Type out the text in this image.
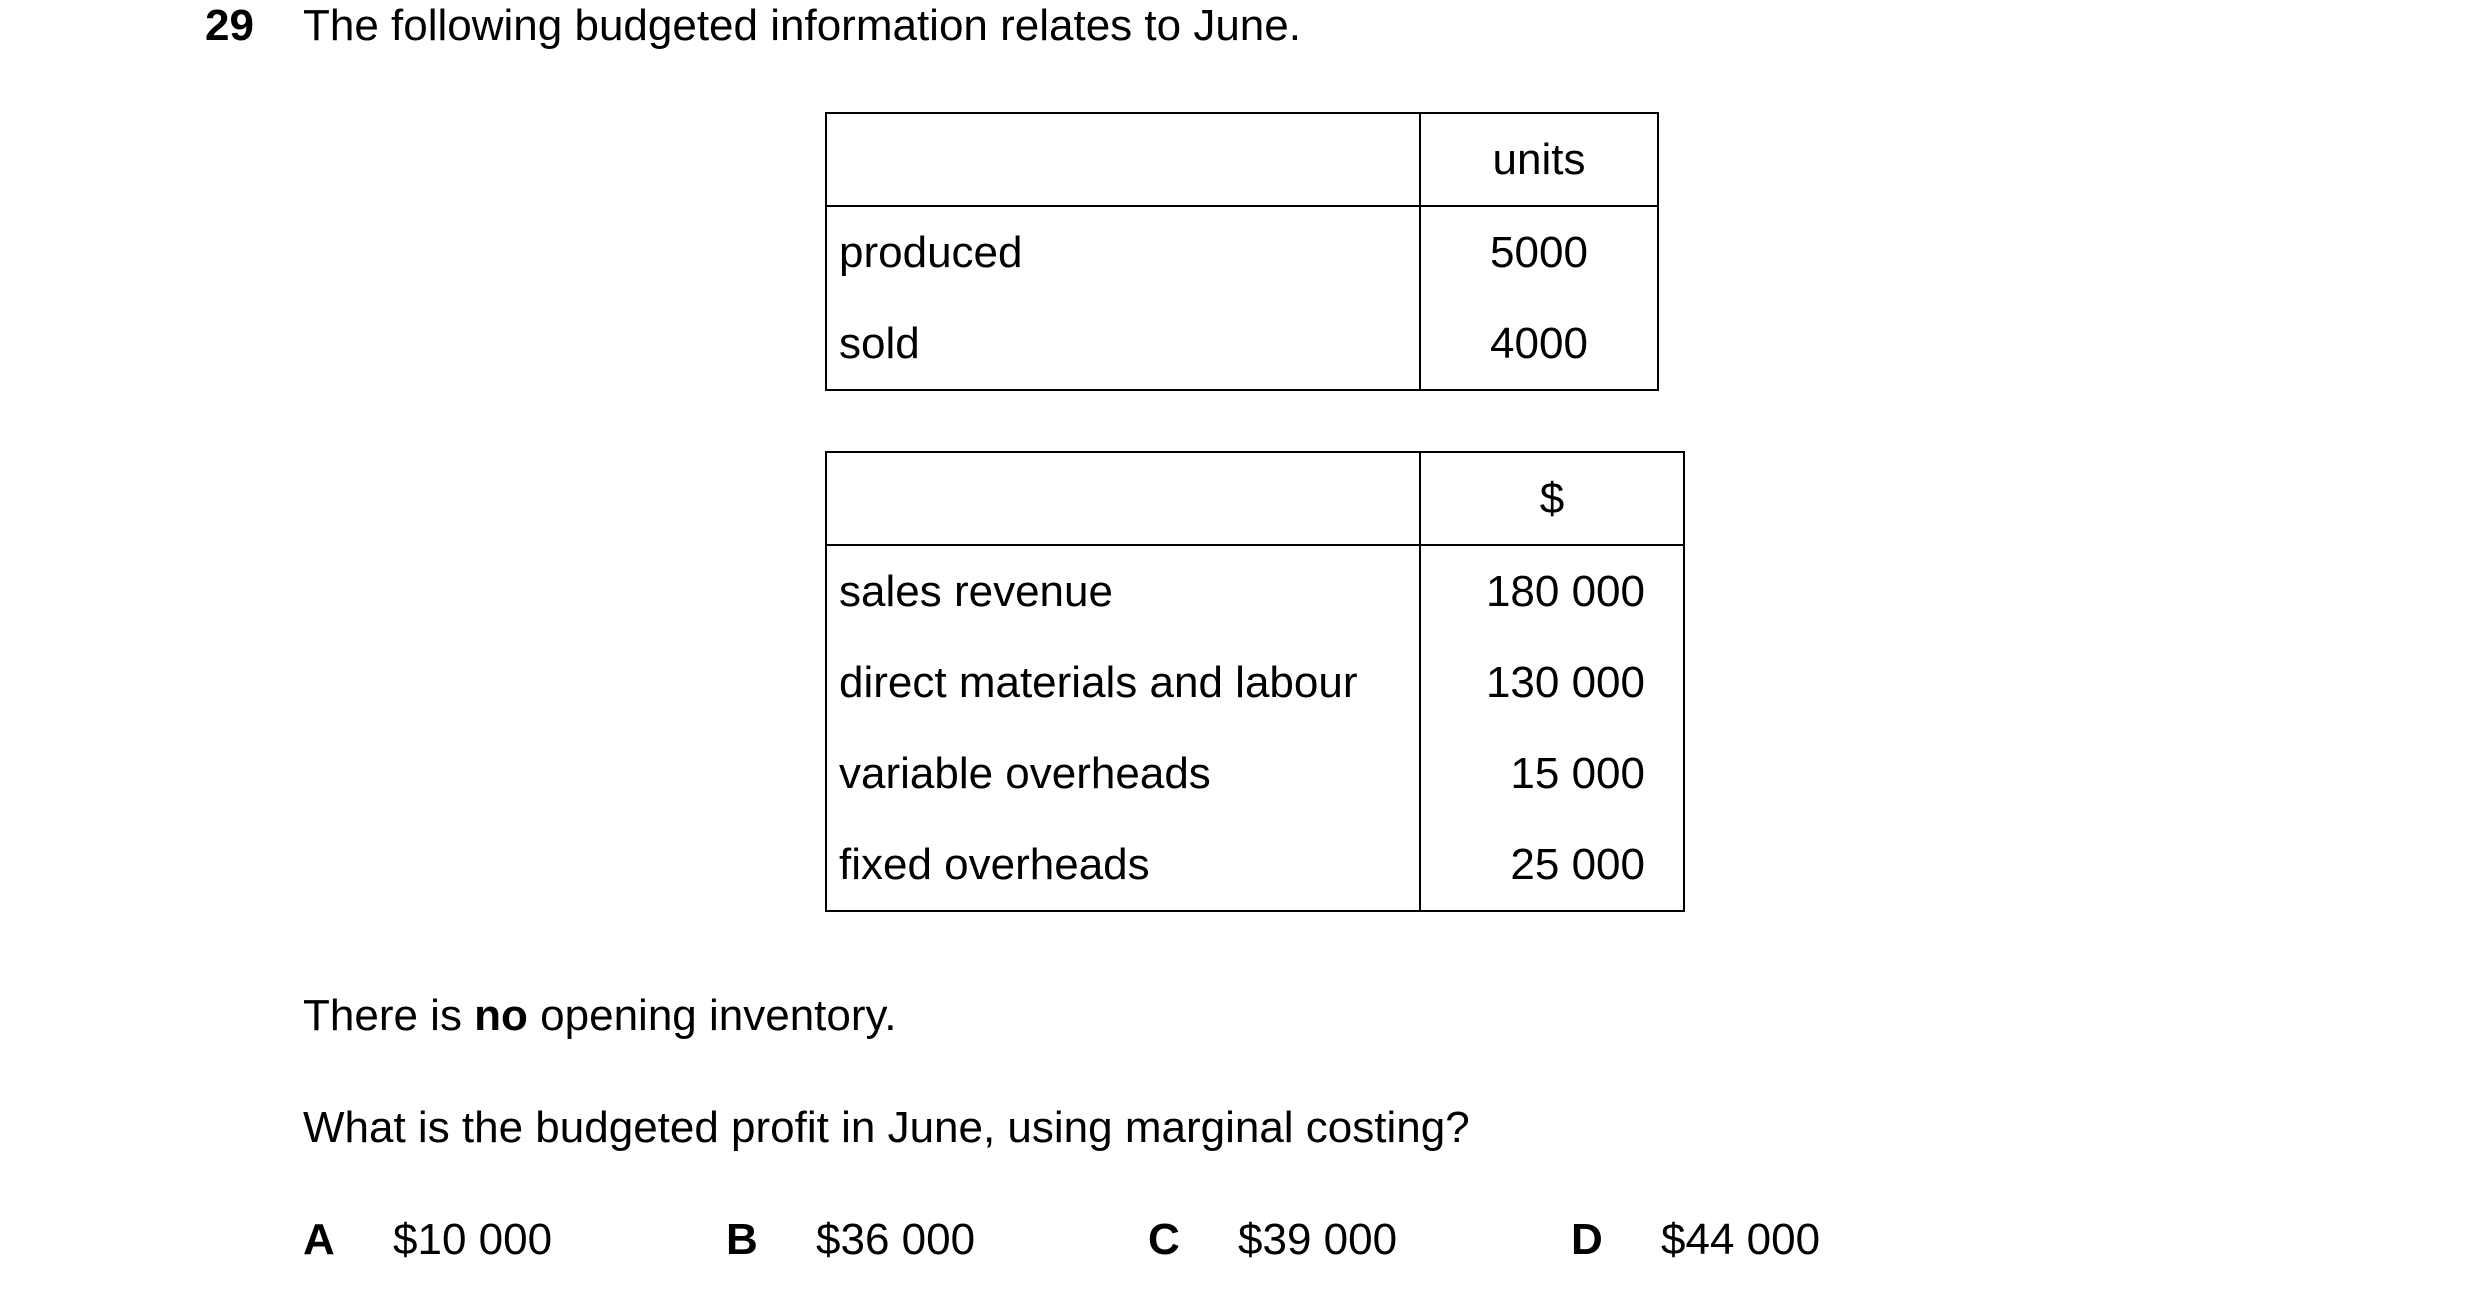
29 The following budgeted information relates to June.
	units
produced	5000
sold	4000
	$
sales revenue	180 000
direct materials and labour	130 000
variable overheads	15 000
fixed overheads	25 000
There is no opening inventory.
What is the budgeted profit in June, using marginal costing?
A $10 000	B $36 000	C $39 000	D $44 000
